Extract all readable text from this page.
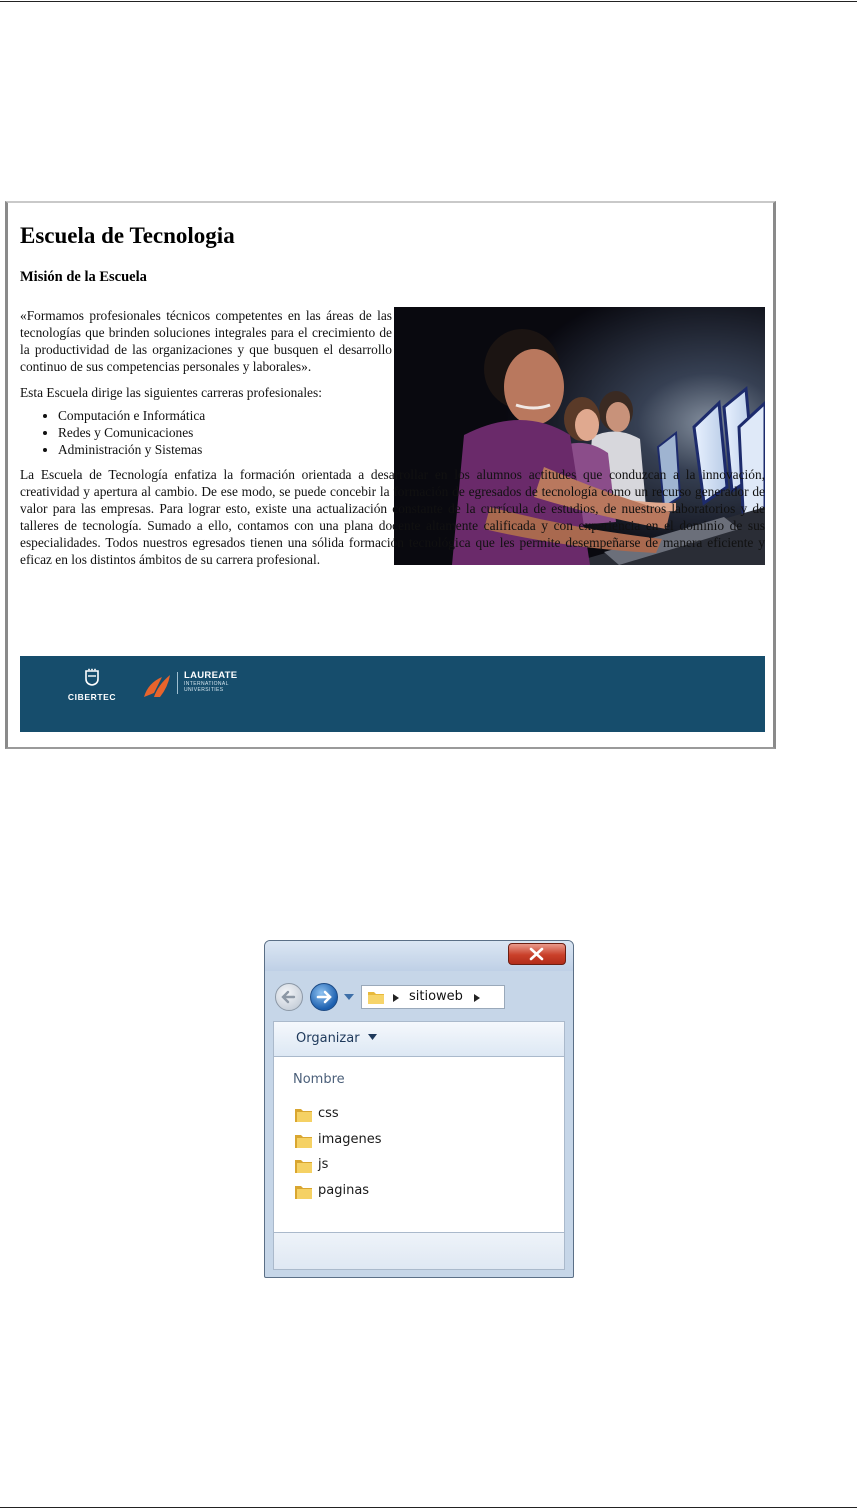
Escuela de Tecnologia
Misión de la Escuela

«Formamos profesionales técnicos competentes en las áreas de las tecnologías que brinden soluciones integrales para el crecimiento de la productividad de las organizaciones y que busquen el desarrollo continuo de sus competencias personales y laborales».

Esta Escuela dirige las siguientes carreras profesionales:

• Computación e Informática
• Redes y Comunicaciones
• Administración y Sistemas

La Escuela de Tecnología enfatiza la formación orientada a desarrollar en los alumnos actitudes que conduzcan a la innovación, creatividad y apertura al cambio. De ese modo, se puede concebir la formación de egresados de tecnología como un recurso generador de valor para las empresas. Para lograr esto, existe una actualización constante de la currícula de estudios, de nuestros laboratorios y de talleres de tecnología. Sumado a ello, contamos con una plana docente altamente calificada y con experiencia en el dominio de sus especialidades. Todos nuestros egresados tienen una sólida formación tecnológica que les permite desempeñarse de manera eficiente y eficaz en los distintos ámbitos de su carrera profesional.

CIBERTEC
LAUREATE
INTERNATIONAL UNIVERSITIES
sitioweb
Organizar
Nombre
css
imagenes
js
paginas
